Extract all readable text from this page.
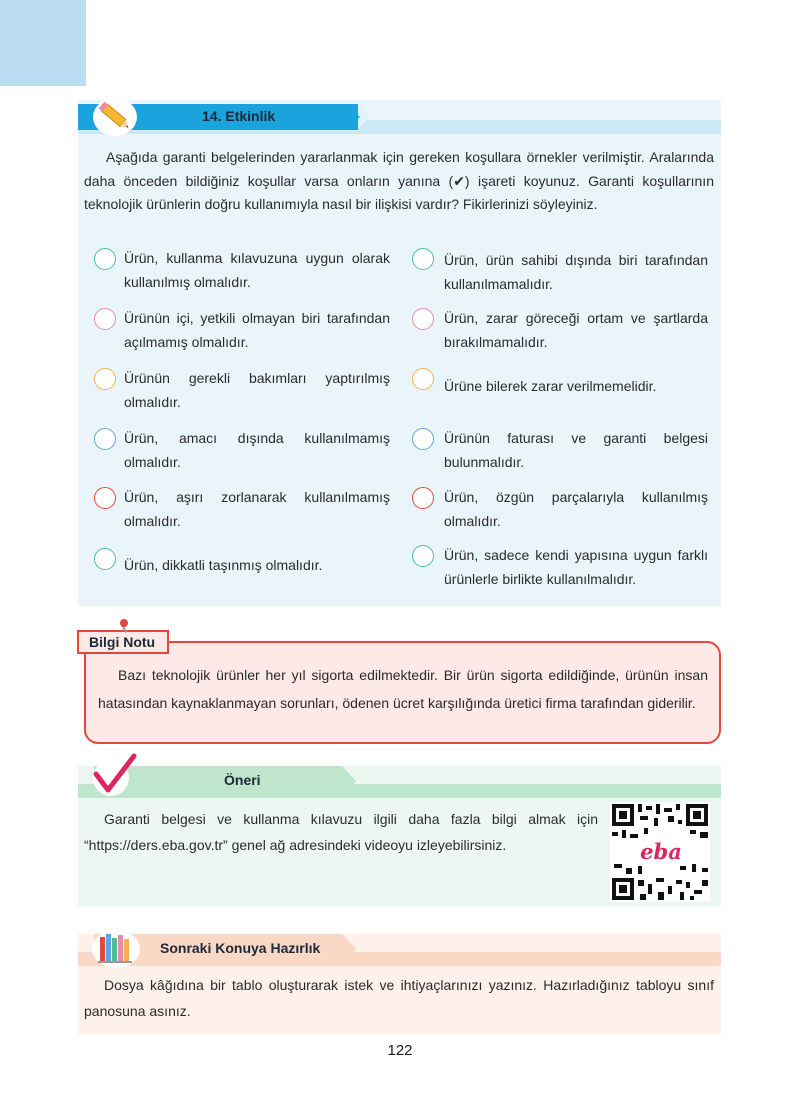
14. Etkinlik
Aşağıda garanti belgelerinden yararlanmak için gereken koşullara örnekler verilmiştir. Aralarında daha önceden bildiğiniz koşullar varsa onların yanına (✔) işareti koyunuz. Garanti koşullarının teknolojik ürünlerin doğru kullanımıyla nasıl bir ilişkisi vardır? Fikirlerinizi söyleyiniz.
Ürün, kullanma kılavuzuna uygun olarak kullanılmış olmalıdır.
Ürünün içi, yetkili olmayan biri tarafından açılmamış olmalıdır.
Ürünün gerekli bakımları yaptırılmış olmalıdır.
Ürün, amacı dışında kullanılmamış olmalıdır.
Ürün, aşırı zorlanarak kullanılmamış olmalıdır.
Ürün, dikkatli taşınmış olmalıdır.
Ürün, ürün sahibi dışında biri tarafından kullanılmamalıdır.
Ürün, zarar göreceği ortam ve şartlarda bırakılmamalıdır.
Ürüne bilerek zarar verilmemelidir.
Ürünün faturası ve garanti belgesi bulunmalıdır.
Ürün, özgün parçalarıyla kullanılmış olmalıdır.
Ürün, sadece kendi yapısına uygun farklı ürünlerle birlikte kullanılmalıdır.
Bilgi Notu
Bazı teknolojik ürünler her yıl sigorta edilmektedir. Bir ürün sigorta edildiğinde, ürünün insan hatasından kaynaklanmayan sorunları, ödenen ücret karşılığında üretici firma tarafından giderilir.
Öneri
Garanti belgesi ve kullanma kılavuzu ilgili daha fazla bilgi almak için “https://ders.eba.gov.tr” genel ağ adresindeki videoyu izleyebilirsiniz.	eba
Sonraki Konuya Hazırlık
Dosya kâğıdına bir tablo oluşturarak istek ve ihtiyaçlarınızı yazınız. Hazırladığınız tabloyu sınıf panosuna asınız.
122
